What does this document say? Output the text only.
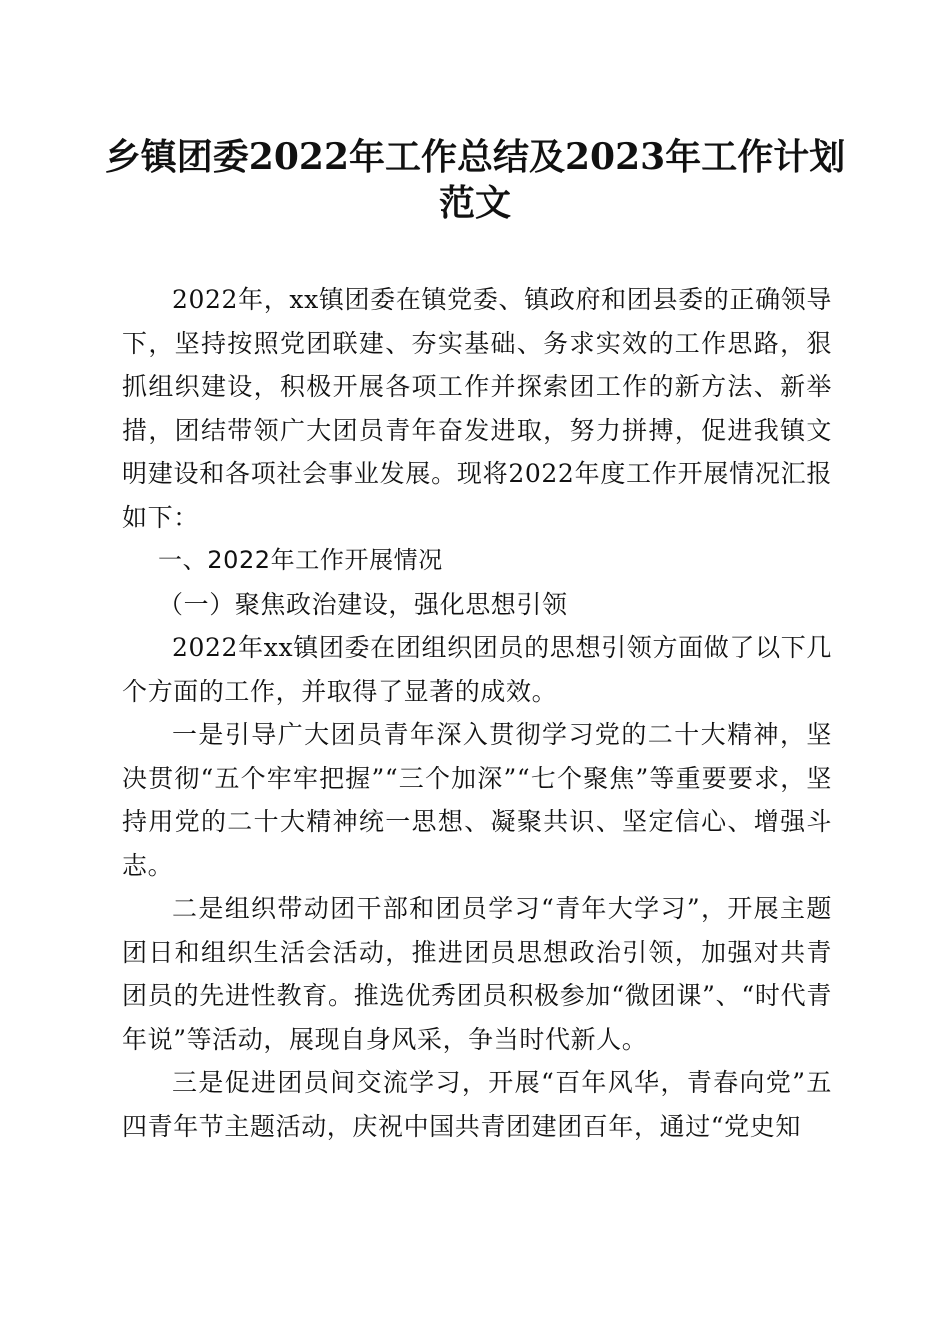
乡镇团委2022年工作总结及2023年工作计划
范文

2022年，xx镇团委在镇党委、镇政府和团县委的正确领导下，坚持按照党团联建、夯实基础、务求实效的工作思路，狠抓组织建设，积极开展各项工作并探索团工作的新方法、新举措，团结带领广大团员青年奋发进取，努力拼搏，促进我镇文明建设和各项社会事业发展。现将2022年度工作开展情况汇报如下：

一、2022年工作开展情况

（一）聚焦政治建设，强化思想引领

2022年xx镇团委在团组织团员的思想引领方面做了以下几个方面的工作，并取得了显著的成效。

一是引导广大团员青年深入贯彻学习党的二十大精神，坚决贯彻“五个牢牢把握”“三个加深”“七个聚焦”等重要要求，坚持用党的二十大精神统一思想、凝聚共识、坚定信心、增强斗志。

二是组织带动团干部和团员学习“青年大学习”，开展主题团日和组织生活会活动，推进团员思想政治引领，加强对共青团员的先进性教育。推选优秀团员积极参加“微团课”、“时代青年说”等活动，展现自身风采，争当时代新人。

三是促进团员间交流学习，开展“百年风华，青春向党”五四青年节主题活动，庆祝中国共青团建团百年，通过“党史知
